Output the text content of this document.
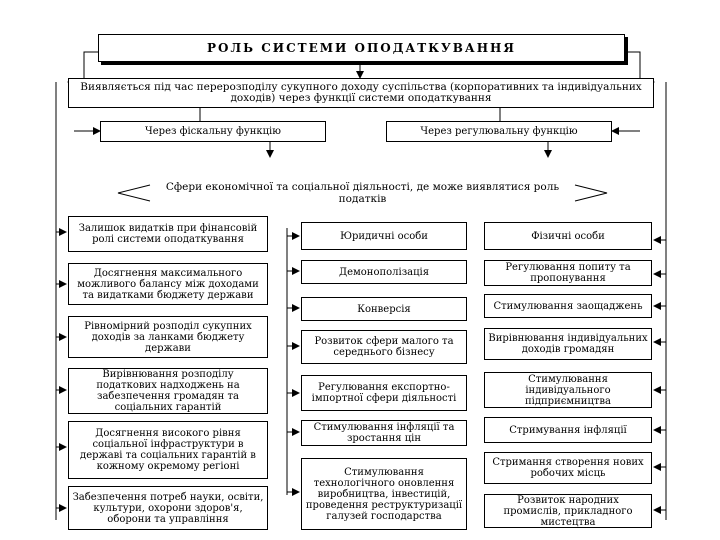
РОЛЬ СИСТЕМИ ОПОДАТКУВАННЯ
Виявляється під час перерозподілу сукупного доходу суспільства (корпоративних та індивідуальних доходів) через функції системи оподаткування
Через фіскальну функцію	Через регулювальну функцію
Сфери економічної та соціальної діяльності, де може виявлятися роль податків
Залишок видатків при фінансовій ролі системи оподаткування
Досягнення максимального можливого балансу між доходами та видатками бюджету держави
Рівномірний розподіл сукупних доходів за ланками бюджету держави
Вирівнювання розподілу податкових надходжень на забезпечення громадян та соціальних гарантій
Досягнення високого рівня соціальної інфраструктури в державі та соціальних гарантій в кожному окремому регіоні
Забезпечення потреб науки, освіти, культури, охорони здоров'я, оборони та управління
Юридичні особи
Демонополізація
Конверсія
Розвиток сфери малого та середнього бізнесу
Регулювання експортно-імпортної сфери діяльності
Стимулювання інфляції та зростання цін
Стимулювання технологічного оновлення виробництва, інвестицій, проведення реструктуризації галузей господарства
Фізичні особи
Регулювання попиту та пропонування
Стимулювання заощаджень
Вирівнювання індивідуальних доходів громадян
Стимулювання індивідуального підприємництва
Стримування інфляції
Стримання створення нових робочих місць
Розвиток народних промислів, прикладного мистецтва
